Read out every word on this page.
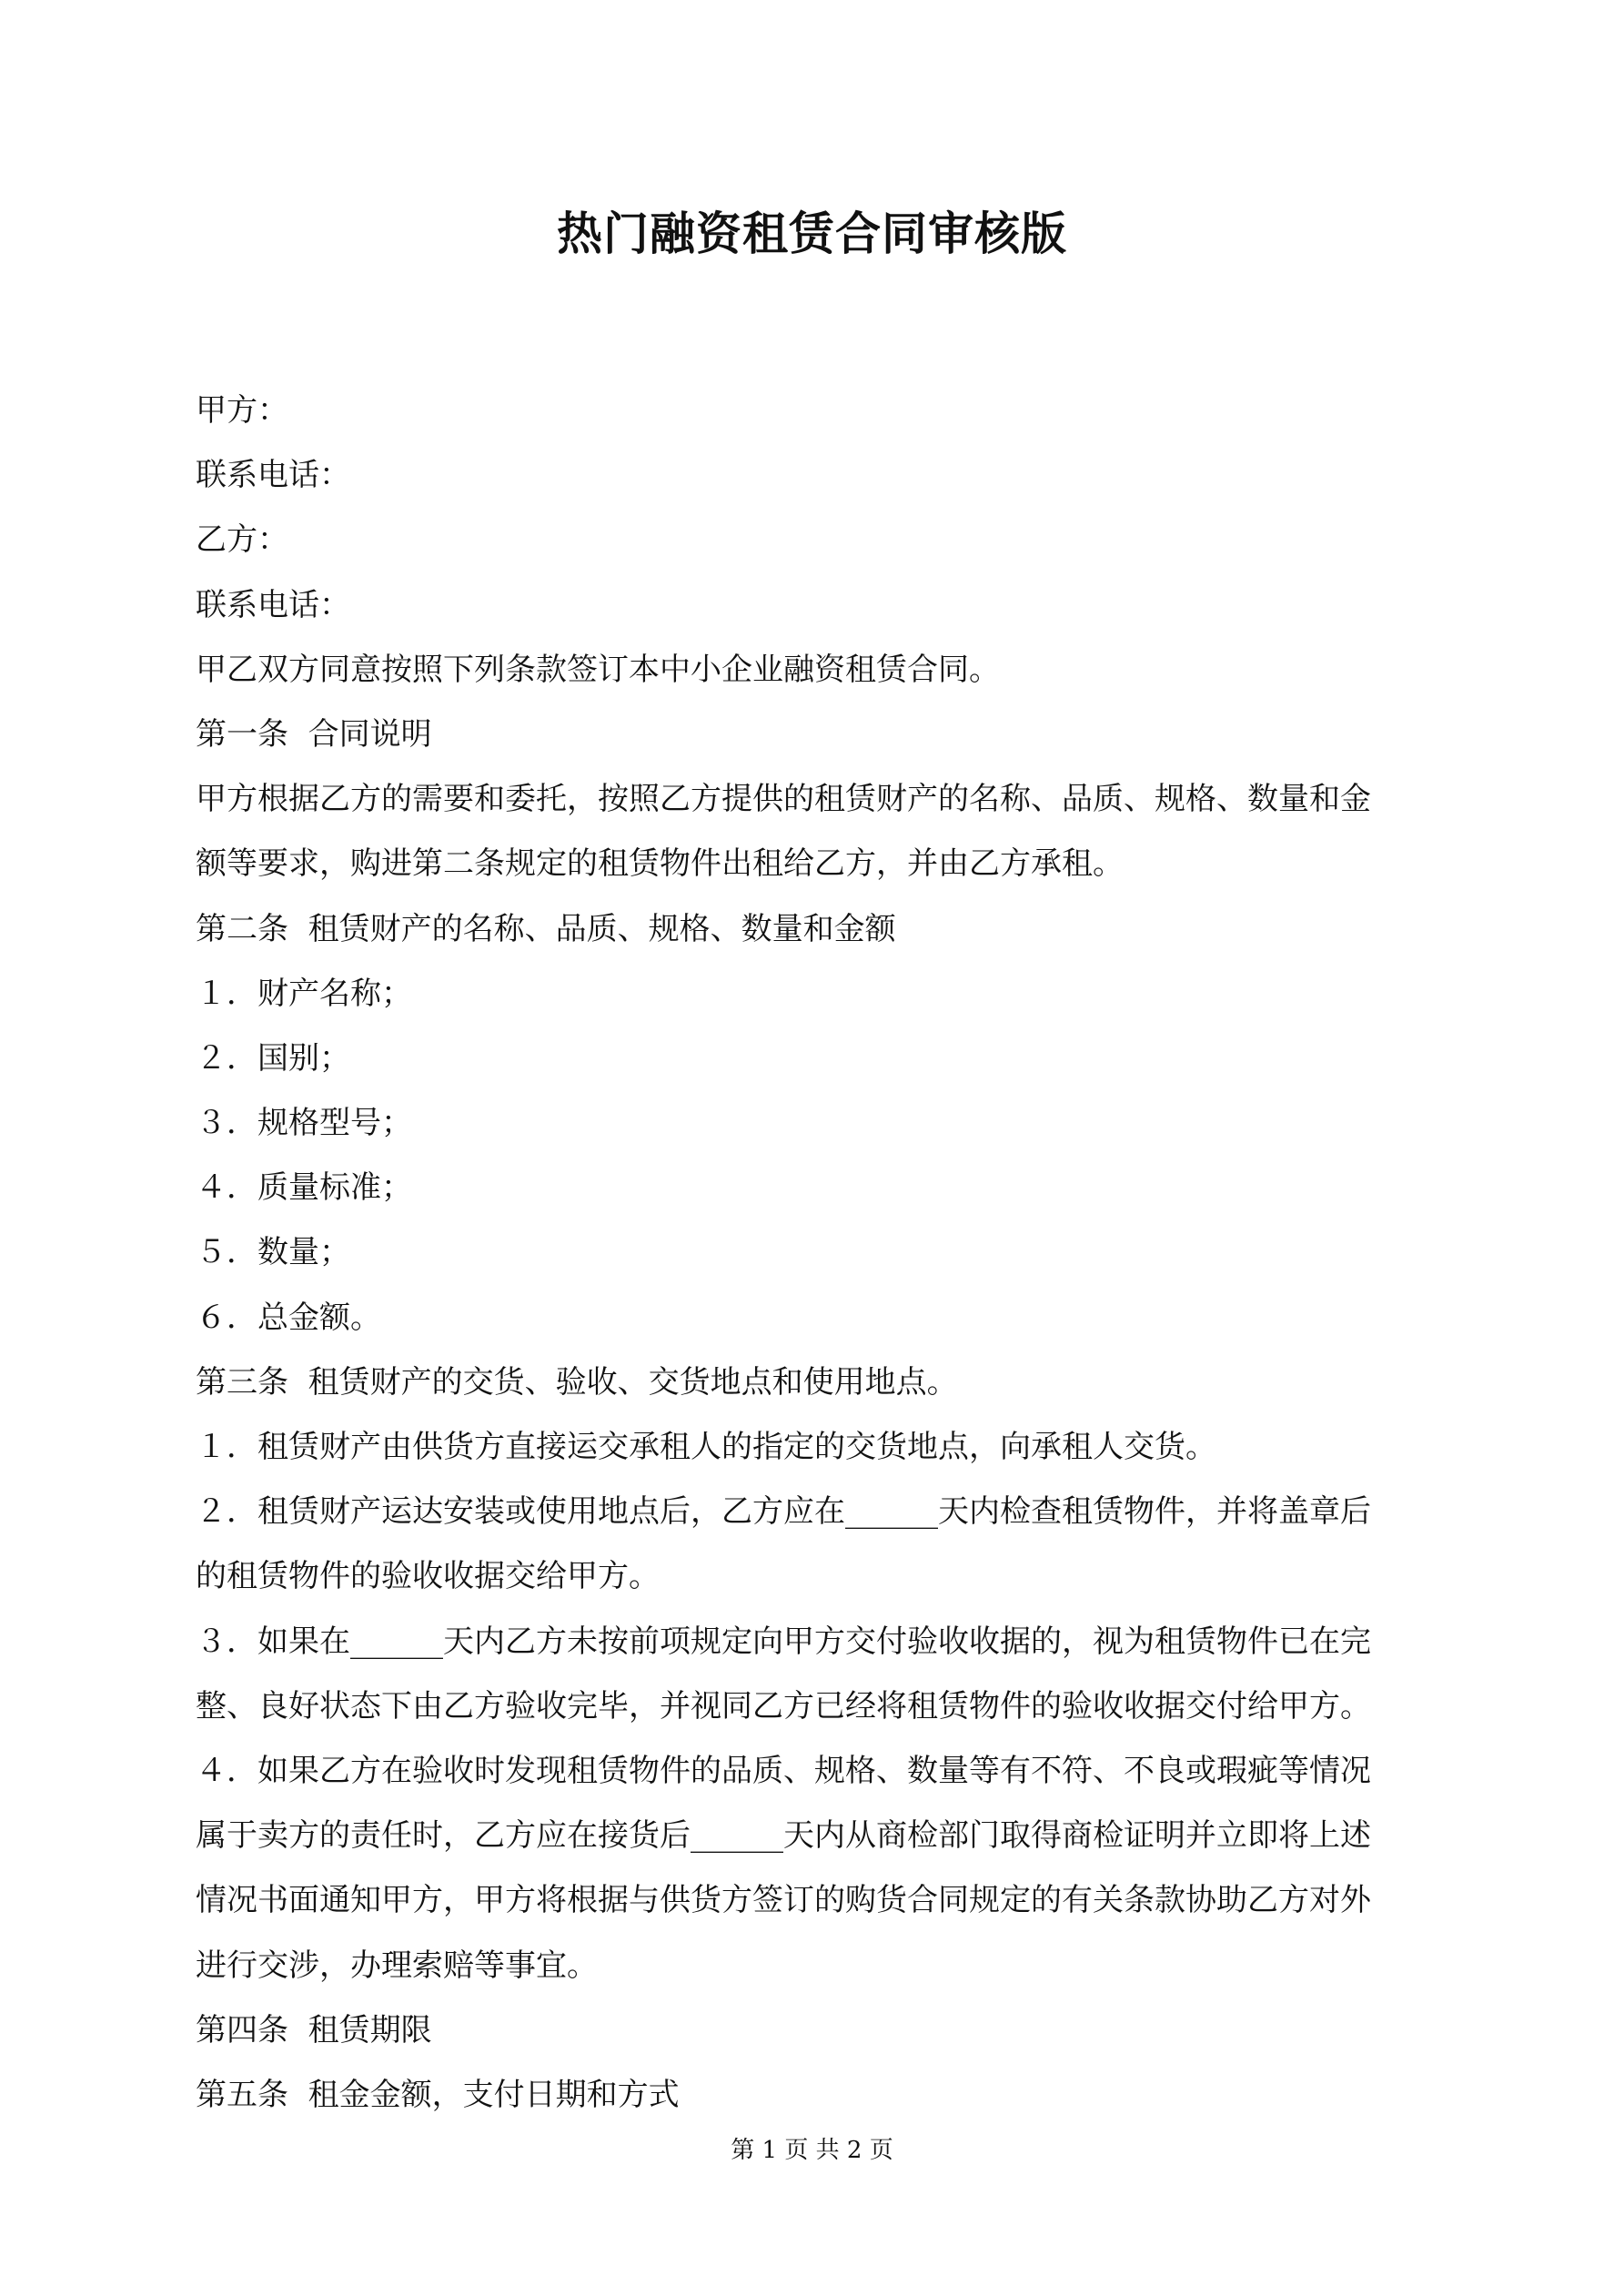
热门融资租赁合同审核版
甲方：
联系电话：
乙方：
联系电话：
甲乙双方同意按照下列条款签订本中小企业融资租赁合同。
第一条  合同说明
甲方根据乙方的需要和委托，按照乙方提供的租赁财产的名称、品质、规格、数量和金
额等要求，购进第二条规定的租赁物件出租给乙方，并由乙方承租。
第二条  租赁财产的名称、品质、规格、数量和金额
１．财产名称；
２．国别；
３．规格型号；
４．质量标准；
５．数量；
６．总金额。
第三条  租赁财产的交货、验收、交货地点和使用地点。
１．租赁财产由供货方直接运交承租人的指定的交货地点，向承租人交货。
２．租赁财产运达安装或使用地点后，乙方应在______天内检查租赁物件，并将盖章后
的租赁物件的验收收据交给甲方。
３．如果在______天内乙方未按前项规定向甲方交付验收收据的，视为租赁物件已在完
整、良好状态下由乙方验收完毕，并视同乙方已经将租赁物件的验收收据交付给甲方。
４．如果乙方在验收时发现租赁物件的品质、规格、数量等有不符、不良或瑕疵等情况
属于卖方的责任时，乙方应在接货后______天内从商检部门取得商检证明并立即将上述
情况书面通知甲方，甲方将根据与供货方签订的购货合同规定的有关条款协助乙方对外
进行交涉，办理索赔等事宜。
第四条  租赁期限
第五条  租金金额，支付日期和方式
第 1 页 共 2 页
